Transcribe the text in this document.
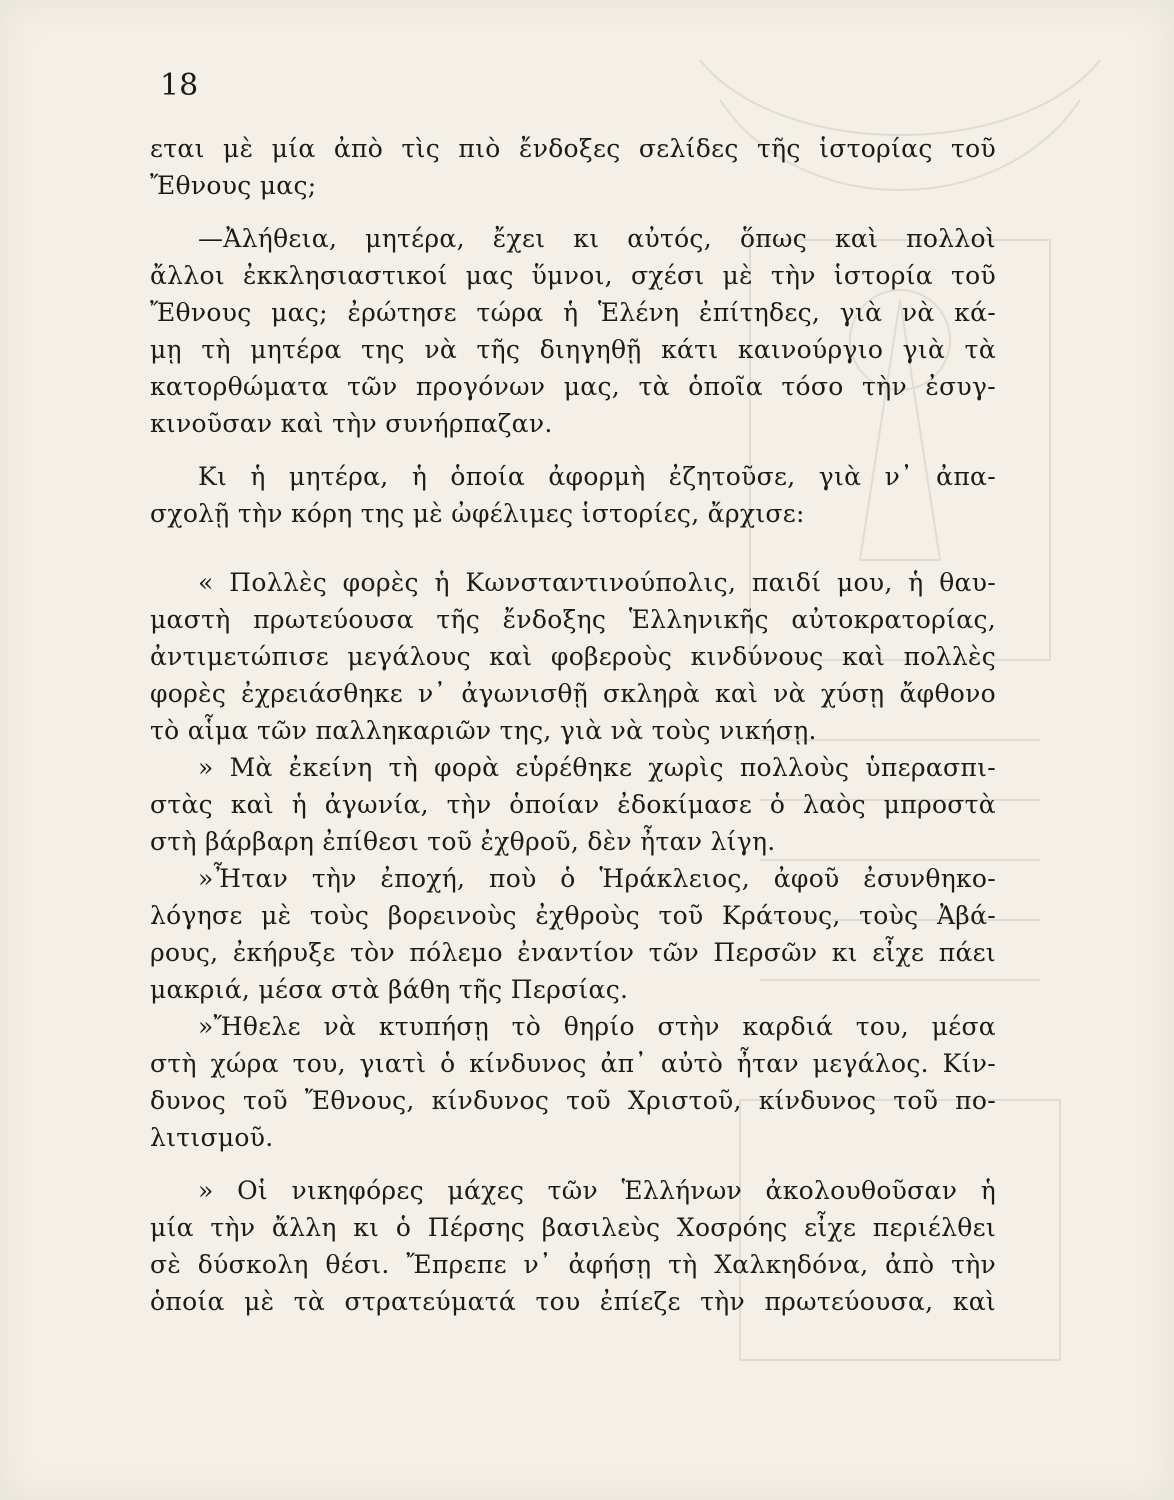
18
εται μὲ μία ἀπὸ τὶς πιὸ ἔνδοξες σελίδες τῆς ἱστορίας τοῦ
Ἔθνους μας;
—Ἀλήθεια, μητέρα, ἔχει κι αὐτός, ὅπως καὶ πολλοὶ
ἄλλοι ἐκκλησιαστικοί μας ὕμνοι, σχέσι μὲ τὴν ἱστορία τοῦ
Ἔθνους μας; ἐρώτησε τώρα ἡ Ἑλένη ἐπίτηδες, γιὰ νὰ κά-
μῃ τὴ μητέρα της νὰ τῆς διηγηθῇ κάτι καινούργιο γιὰ τὰ
κατορθώματα τῶν προγόνων μας, τὰ ὁποῖα τόσο τὴν ἐσυγ-
κινοῦσαν καὶ τὴν συνήρπαζαν.
Κι ἡ μητέρα, ἡ ὁποία ἀφορμὴ ἐζητοῦσε, γιὰ ν᾽ ἀπα-
σχολῇ τὴν κόρη της μὲ ὠφέλιμες ἱστορίες, ἄρχισε:
« Πολλὲς φορὲς ἡ Κωνσταντινούπολις, παιδί μου, ἡ θαυ-
μαστὴ πρωτεύουσα τῆς ἔνδοξης Ἑλληνικῆς αὐτοκρατορίας,
ἀντιμετώπισε μεγάλους καὶ φοβεροὺς κινδύνους καὶ πολλὲς
φορὲς ἐχρειάσθηκε ν᾽ ἀγωνισθῇ σκληρὰ καὶ νὰ χύσῃ ἄφθονο
τὸ αἷμα τῶν παλληκαριῶν της, γιὰ νὰ τοὺς νικήσῃ.
» Μὰ ἐκείνη τὴ φορὰ εὑρέθηκε χωρὶς πολλοὺς ὑπερασπι-
στὰς καὶ ἡ ἀγωνία, τὴν ὁποίαν ἐδοκίμασε ὁ λαὸς μπροστὰ
στὴ βάρβαρη ἐπίθεσι τοῦ ἐχθροῦ, δὲν ἦταν λίγη.
»Ἦταν τὴν ἐποχή, ποὺ ὁ Ἡράκλειος, ἀφοῦ ἐσυνθηκο-
λόγησε μὲ τοὺς βορεινοὺς ἐχθροὺς τοῦ Κράτους, τοὺς Ἀβά-
ρους, ἐκήρυξε τὸν πόλεμο ἐναντίον τῶν Περσῶν κι εἶχε πάει
μακριά, μέσα στὰ βάθη τῆς Περσίας.
»Ἤθελε νὰ κτυπήσῃ τὸ θηρίο στὴν καρδιά του, μέσα
στὴ χώρα του, γιατὶ ὁ κίνδυνος ἀπ᾽ αὐτὸ ἦταν μεγάλος. Κίν-
δυνος τοῦ Ἔθνους, κίνδυνος τοῦ Χριστοῦ, κίνδυνος τοῦ πο-
λιτισμοῦ.
» Οἱ νικηφόρες μάχες τῶν Ἑλλήνων ἀκολουθοῦσαν ἡ
μία τὴν ἄλλη κι ὁ Πέρσης βασιλεὺς Χοσρόης εἶχε περιέλθει
σὲ δύσκολη θέσι. Ἔπρεπε ν᾽ ἀφήσῃ τὴ Χαλκηδόνα, ἀπὸ τὴν
ὁποία μὲ τὰ στρατεύματά του ἐπίεζε τὴν πρωτεύουσα, καὶ
